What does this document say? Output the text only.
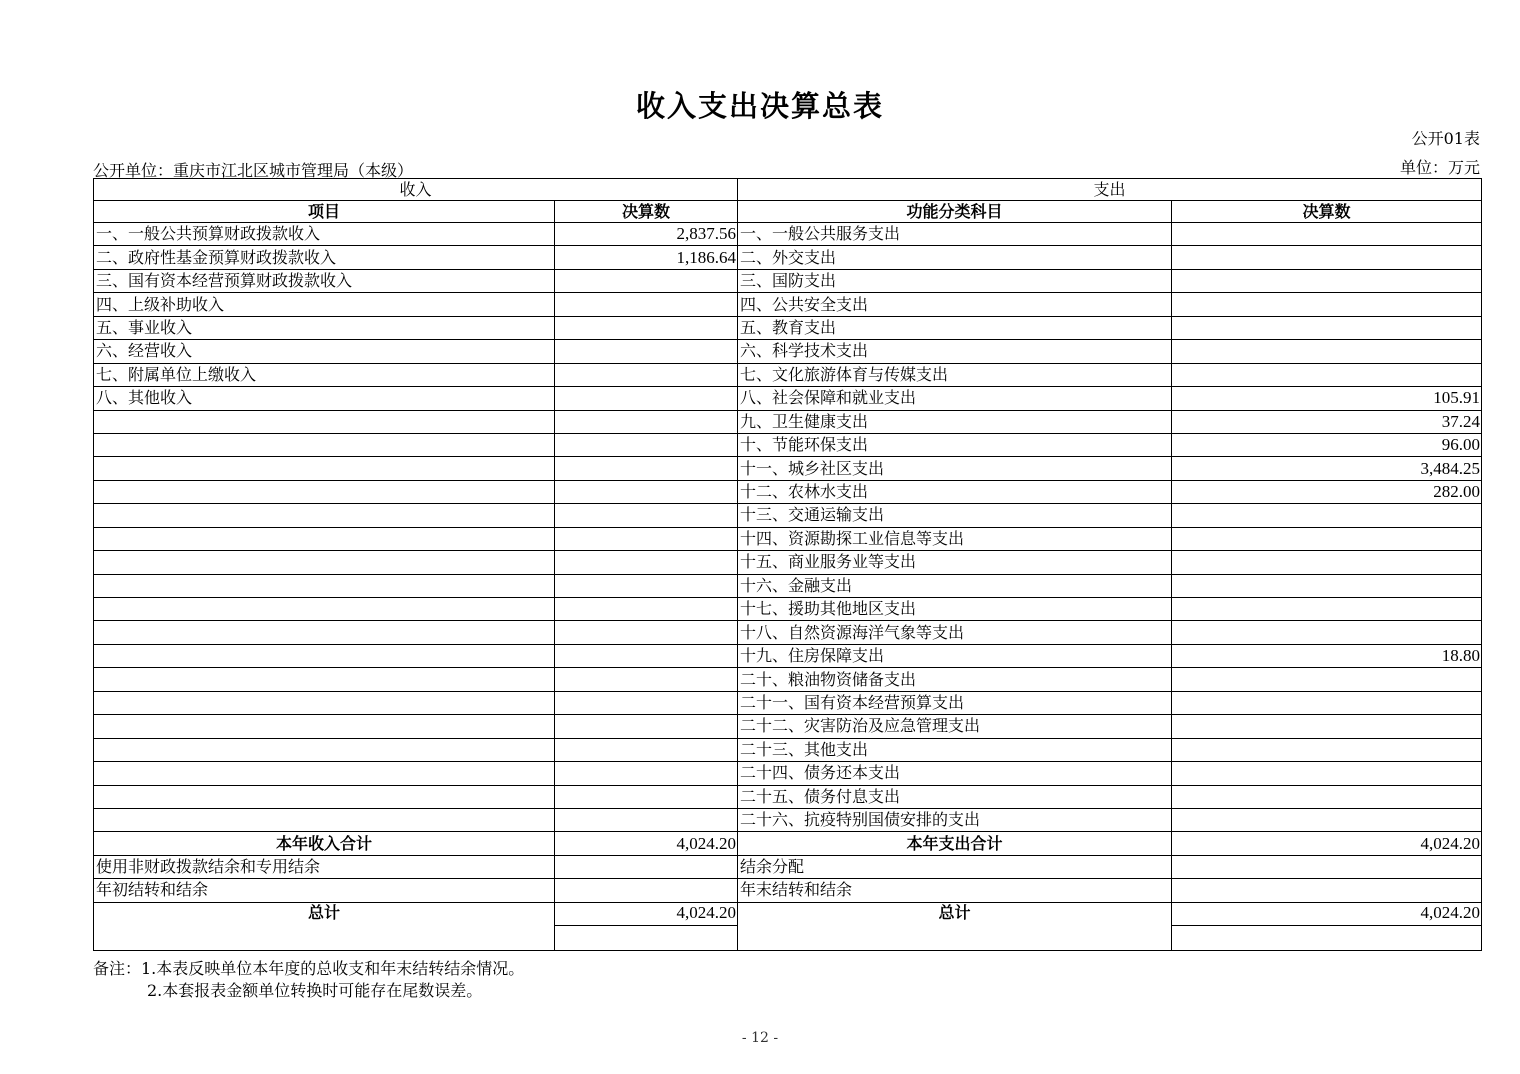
收入支出决算总表
公开01表
公开单位：重庆市江北区城市管理局（本级）	单位：万元
收入		支出	
项目	决算数	功能分类科目	决算数
一、一般公共预算财政拨款收入	2,837.56	一、一般公共服务支出	
二、政府性基金预算财政拨款收入	1,186.64	二、外交支出	
三、国有资本经营预算财政拨款收入		三、国防支出	
四、上级补助收入		四、公共安全支出	
五、事业收入		五、教育支出	
六、经营收入		六、科学技术支出	
七、附属单位上缴收入		七、文化旅游体育与传媒支出	
八、其他收入		八、社会保障和就业支出	105.91
		九、卫生健康支出	37.24
		十、节能环保支出	96.00
		十一、城乡社区支出	3,484.25
		十二、农林水支出	282.00
		十三、交通运输支出	
		十四、资源勘探工业信息等支出	
		十五、商业服务业等支出	
		十六、金融支出	
		十七、援助其他地区支出	
		十八、自然资源海洋气象等支出	
		十九、住房保障支出	18.80
		二十、粮油物资储备支出	
		二十一、国有资本经营预算支出	
		二十二、灾害防治及应急管理支出	
		二十三、其他支出	
		二十四、债务还本支出	
		二十五、债务付息支出	
		二十六、抗疫特别国债安排的支出	
本年收入合计	4,024.20	本年支出合计	4,024.20
使用非财政拨款结余和专用结余		结余分配	
年初结转和结余		年末结转和结余	
总计	4,024.20	总计	4,024.20

备注：1.本表反映单位本年度的总收支和年末结转结余情况。
2.本套报表金额单位转换时可能存在尾数误差。
- 12 -
